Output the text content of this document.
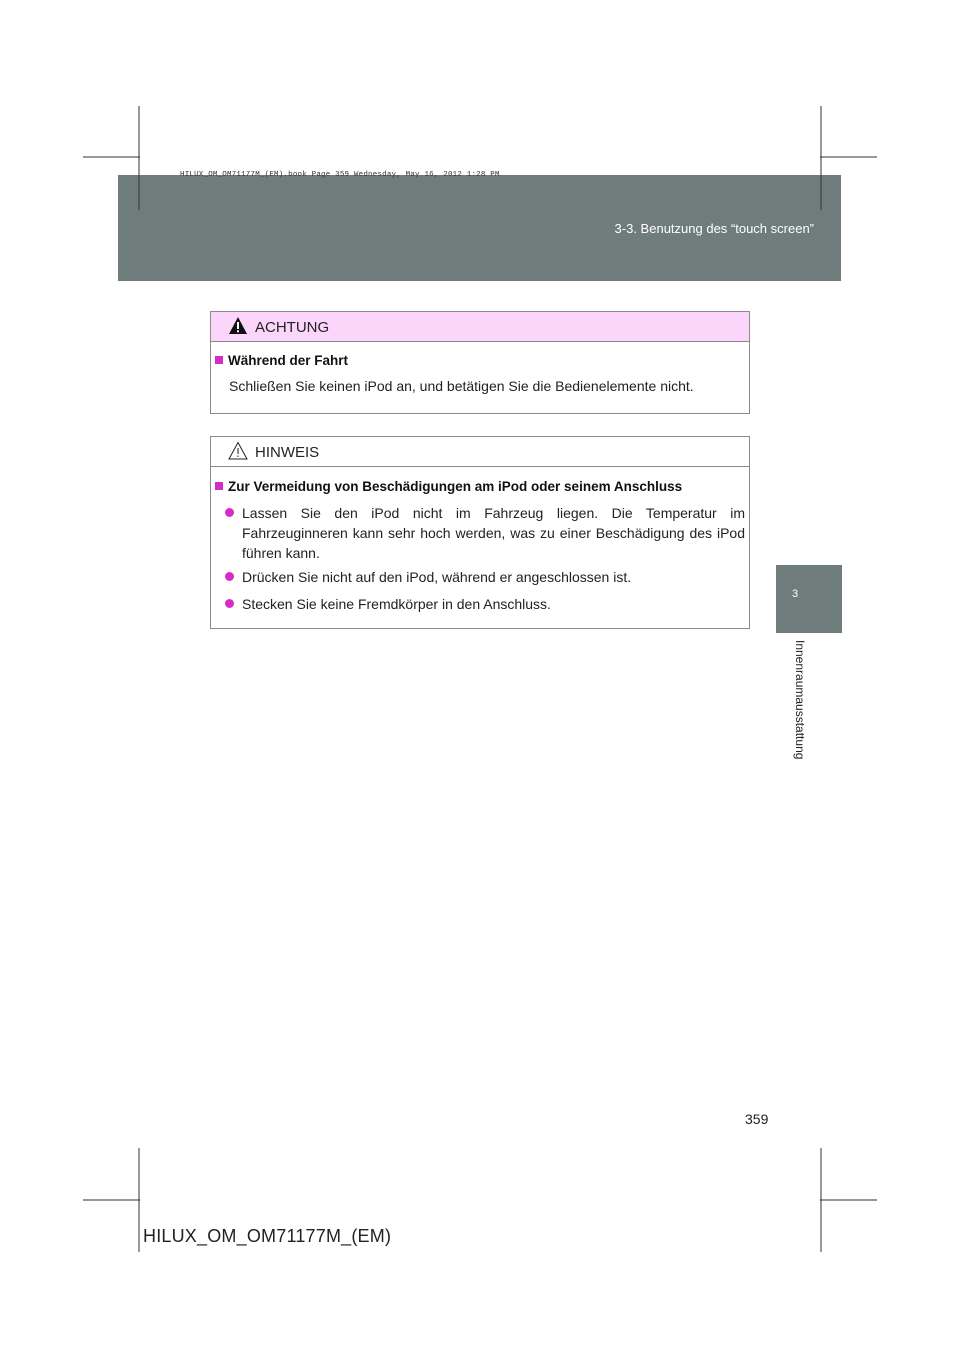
3-3. Benutzung des “touch screen”
HILUX_OM_OM71177M_(EM).book Page 359 Wednesday, May 16, 2012 1:28 PM
3
Innenraumausstattung
ACHTUNG
Während der Fahrt
Schließen Sie keinen iPod an, und betätigen Sie die Bedienelemente nicht.
HINWEIS
Zur Vermeidung von Beschädigungen am iPod oder seinem Anschluss
Lassen Sie den iPod nicht im Fahrzeug liegen. Die Temperatur im Fahrzeuginneren kann sehr hoch werden, was zu einer Beschädigung des iPod führen kann.
Drücken Sie nicht auf den iPod, während er angeschlossen ist.
Stecken Sie keine Fremdkörper in den Anschluss.
359
HILUX_OM_OM71177M_(EM)
